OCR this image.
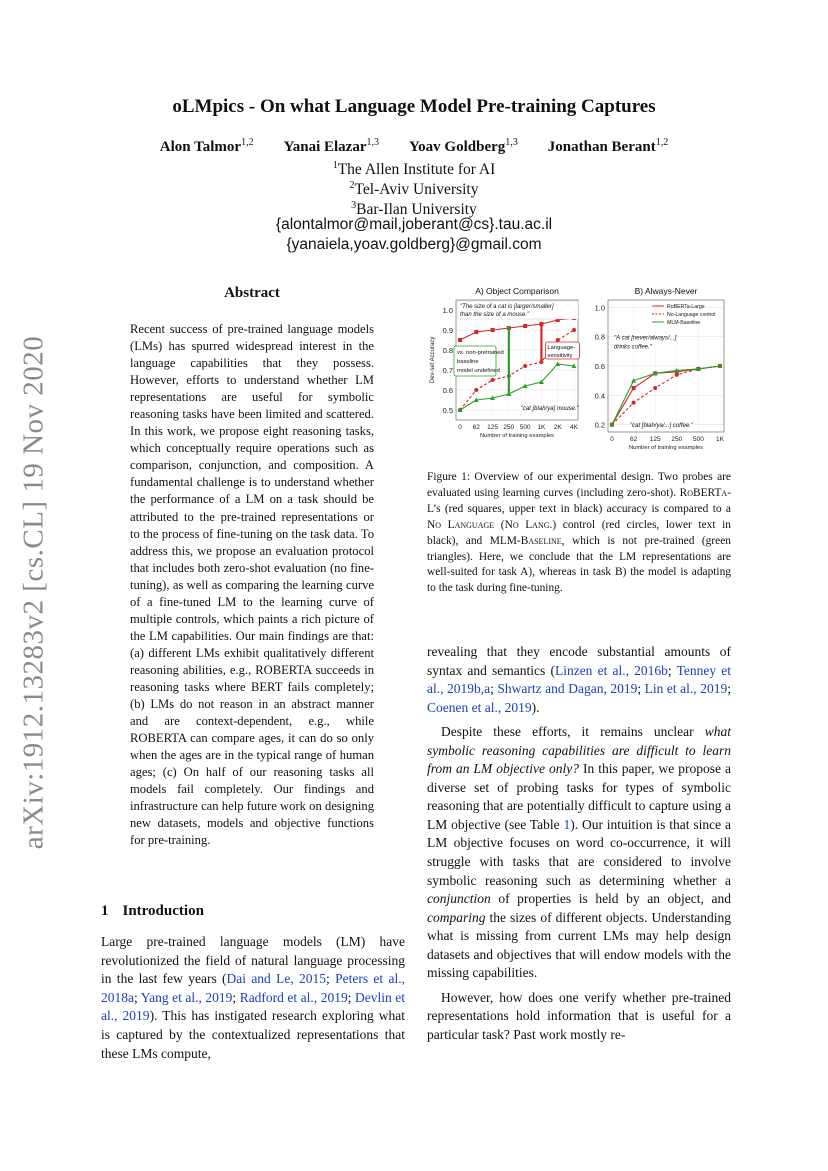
arXiv:1912.13283v2 [cs.CL] 19 Nov 2020
oLMpics - On what Language Model Pre-training Captures
Alon Talmor$^{1,2}$ Yanai Elazar$^{1,3}$ Yoav Goldberg$^{1,3}$ Jonathan Berant$^{1,2}$
$^1$The Allen Institute for AI
$^2$Tel-Aviv University
$^3$Bar-Ilan University
{alontalmor@mail,joberant@cs}.tau.ac.il
{yanaiela,yoav.goldberg}@gmail.com
Abstract
Recent success of pre-trained language models (LMs) has spurred widespread interest in the language capabilities that they possess. However, efforts to understand whether LM representations are useful for symbolic reasoning tasks have been limited and scattered. In this work, we propose eight reasoning tasks, which conceptually require operations such as comparison, conjunction, and composition. A fundamental challenge is to understand whether the performance of a LM on a task should be attributed to the pre-trained representations or to the process of fine-tuning on the task data. To address this, we propose an evaluation protocol that includes both zero-shot evaluation (no fine-tuning), as well as comparing the learning curve of a fine-tuned LM to the learning curve of multiple controls, which paints a rich picture of the LM capabilities. Our main findings are that: (a) different LMs exhibit qualitatively different reasoning abilities, e.g., ROBERTA succeeds in reasoning tasks where BERT fails completely; (b) LMs do not reason in an abstract manner and are context-dependent, e.g., while ROBERTA can compare ages, it can do so only when the ages are in the typical range of human ages; (c) On half of our reasoning tasks all models fail completely. Our findings and infrastructure can help future work on designing new datasets, models and objective functions for pre-training.
1 Introduction
Large pre-trained language models (LM) have revolutionized the field of natural language processing in the last few years (Dai and Le, 2015; Peters et al., 2018a; Yang et al., 2019; Radford et al., 2019; Devlin et al., 2019). This has instigated research exploring what is captured by the contextualized representations that these LMs compute,
0.5
0.6
0.7
0.8
0.9
1.0
0 62 125 250 500 1K 2K 4K
A) Object Comparison
Number of training examples
Dev-set Accuracy
"The size of a cat is [larger/smaller]
than the size of a mouse."
"cat [blah/ya] mouse."
vs. non-pretrained
baseline
model undefined
Language-
sensitivity
0.2
0.4
0.6
0.8
1.0
0 62 125 250 500 1K
B) Always-Never
Number of training examples
"A cat [never/always/...]
drinks coffee."
"cat [blah/ya/...] coffee."
RoBERTa-Large
No-Language control
MLM-Baseline
Figure 1: Overview of our experimental design. Two probes are evaluated using learning curves (including zero-shot). RoBERTa-L’s (red squares, upper text in black) accuracy is compared to a No Language (No Lang.) control (red circles, lower text in black), and MLM-Baseline, which is not pre-trained (green triangles). Here, we conclude that the LM representations are well-suited for task A), whereas in task B) the model is adapting to the task during fine-tuning.

revealing that they encode substantial amounts of syntax and semantics (Linzen et al., 2016b; Tenney et al., 2019b,a; Shwartz and Dagan, 2019; Lin et al., 2019; Coenen et al., 2019).

Despite these efforts, it remains unclear what symbolic reasoning capabilities are difficult to learn from an LM objective only? In this paper, we propose a diverse set of probing tasks for types of symbolic reasoning that are potentially difficult to capture using a LM objective (see Table 1). Our intuition is that since a LM objective focuses on word co-occurrence, it will struggle with tasks that are considered to involve symbolic reasoning such as determining whether a conjunction of properties is held by an object, and comparing the sizes of different objects. Understanding what is missing from current LMs may help design datasets and objectives that will endow models with the missing capabilities.

However, how does one verify whether pre-trained representations hold information that is useful for a particular task? Past work mostly re-
